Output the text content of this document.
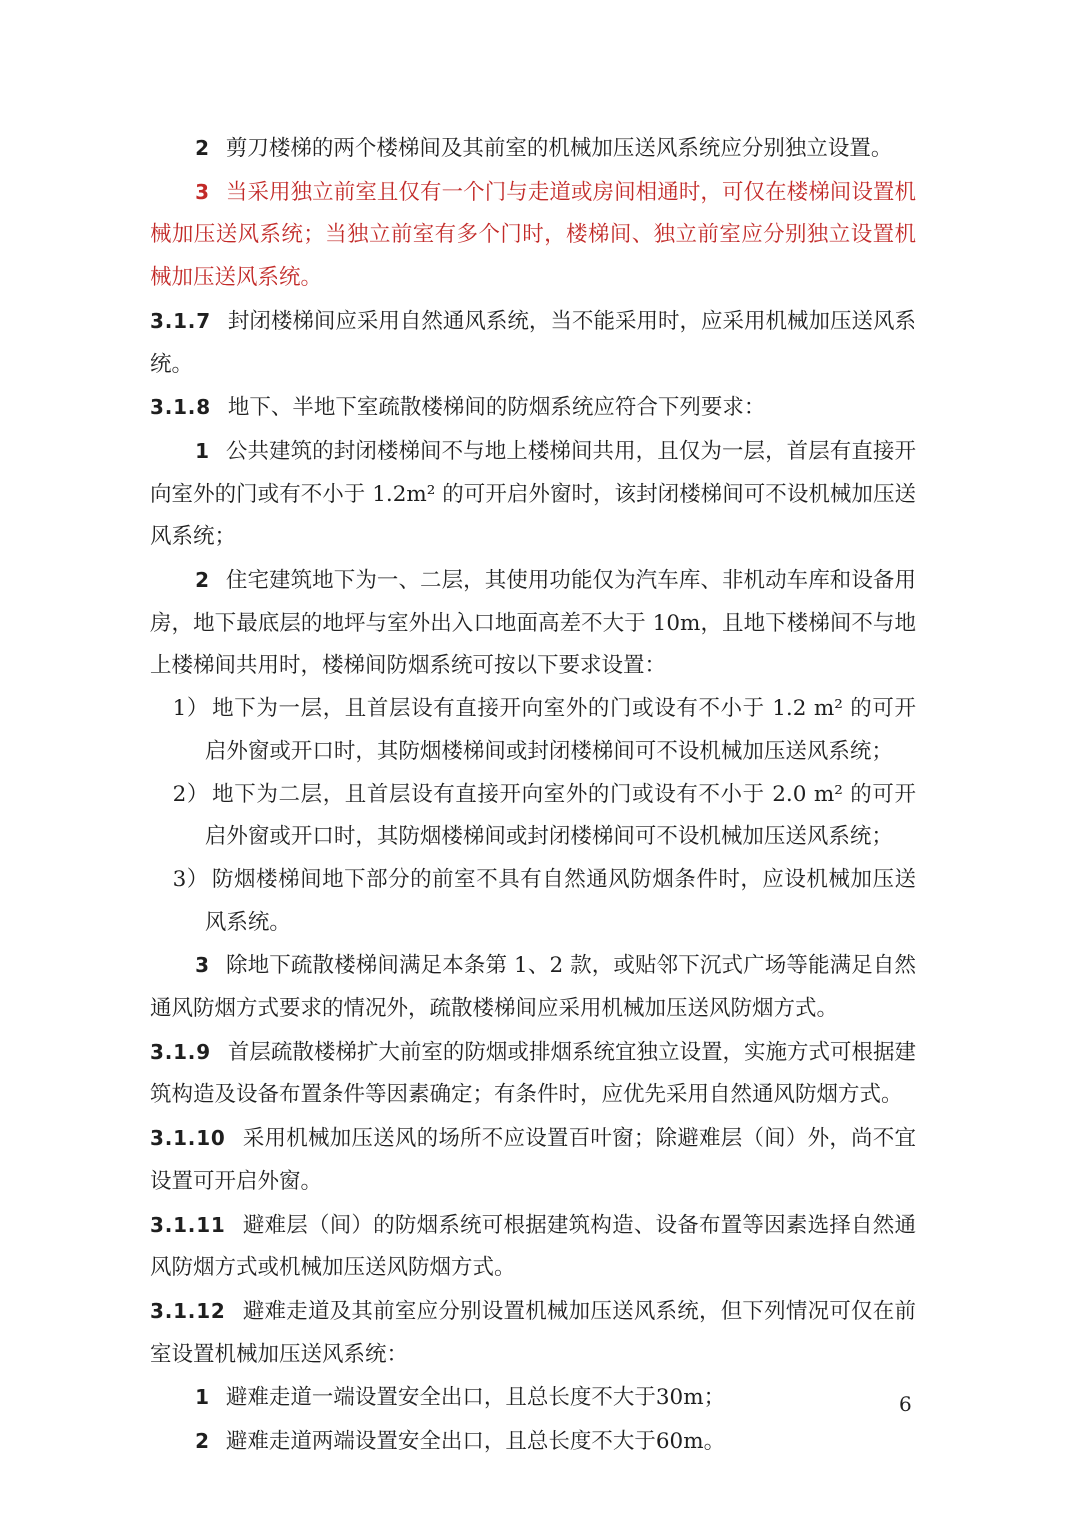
2 剪刀楼梯的两个楼梯间及其前室的机械加压送风系统应分别独立设置。

3 当采用独立前室且仅有一个门与走道或房间相通时，可仅在楼梯间设置机械加压送风系统；当独立前室有多个门时，楼梯间、独立前室应分别独立设置机械加压送风系统。

3.1.7 封闭楼梯间应采用自然通风系统，当不能采用时，应采用机械加压送风系统。

3.1.8 地下、半地下室疏散楼梯间的防烟系统应符合下列要求：

1 公共建筑的封闭楼梯间不与地上楼梯间共用，且仅为一层，首层有直接开向室外的门或有不小于 1.2m² 的可开启外窗时，该封闭楼梯间可不设机械加压送风系统；

2 住宅建筑地下为一、二层，其使用功能仅为汽车库、非机动车库和设备用房，地下最底层的地坪与室外出入口地面高差不大于 10m，且地下楼梯间不与地上楼梯间共用时，楼梯间防烟系统可按以下要求设置：

1） 地下为一层，且首层设有直接开向室外的门或设有不小于 1.2 m² 的可开启外窗或开口时，其防烟楼梯间或封闭楼梯间可不设机械加压送风系统；

2） 地下为二层，且首层设有直接开向室外的门或设有不小于 2.0 m² 的可开启外窗或开口时，其防烟楼梯间或封闭楼梯间可不设机械加压送风系统；

3） 防烟楼梯间地下部分的前室不具有自然通风防烟条件时，应设机械加压送风系统。

3 除地下疏散楼梯间满足本条第 1、2 款，或贴邻下沉式广场等能满足自然通风防烟方式要求的情况外，疏散楼梯间应采用机械加压送风防烟方式。

3.1.9 首层疏散楼梯扩大前室的防烟或排烟系统宜独立设置，实施方式可根据建筑构造及设备布置条件等因素确定；有条件时，应优先采用自然通风防烟方式。

3.1.10 采用机械加压送风的场所不应设置百叶窗；除避难层（间）外，尚不宜设置可开启外窗。

3.1.11 避难层（间）的防烟系统可根据建筑构造、设备布置等因素选择自然通风防烟方式或机械加压送风防烟方式。

3.1.12 避难走道及其前室应分别设置机械加压送风系统，但下列情况可仅在前室设置机械加压送风系统：

1 避难走道一端设置安全出口，且总长度不大于30m；

2 避难走道两端设置安全出口，且总长度不大于60m。

6
